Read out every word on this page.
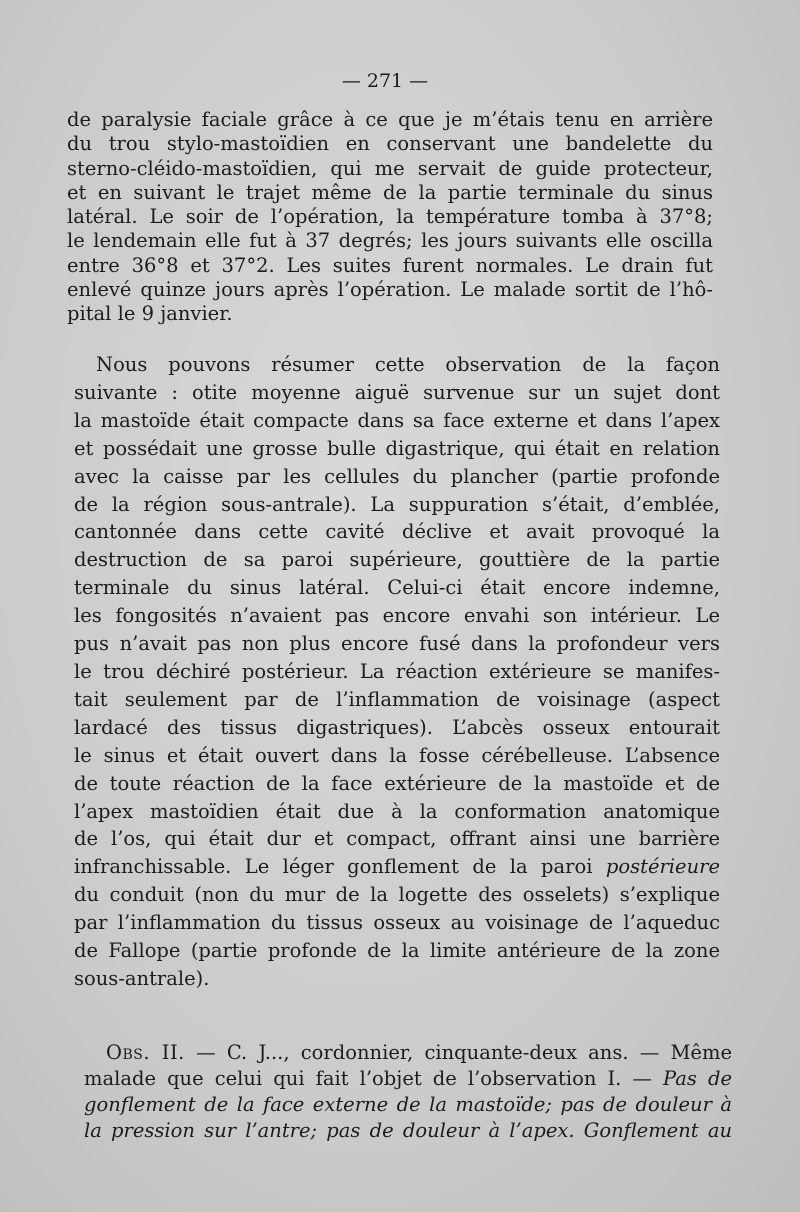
— 271 —
de paralysie faciale grâce à ce que je m’étais tenu en arrière
du trou stylo-mastoïdien en conservant une bandelette du
sterno-cléido-mastoïdien, qui me servait de guide protecteur,
et en suivant le trajet même de la partie terminale du sinus
latéral. Le soir de l’opération, la température tomba à 37°8;
le lendemain elle fut à 37 degrés; les jours suivants elle oscilla
entre 36°8 et 37°2. Les suites furent normales. Le drain fut
enlevé quinze jours après l’opération. Le malade sortit de l’hô-
pital le 9 janvier.
Nous pouvons résumer cette observation de la façon
suivante : otite moyenne aiguë survenue sur un sujet dont
la mastoïde était compacte dans sa face externe et dans l’apex
et possédait une grosse bulle digastrique, qui était en relation
avec la caisse par les cellules du plancher (partie profonde
de la région sous-antrale). La suppuration s’était, d’emblée,
cantonnée dans cette cavité déclive et avait provoqué la
destruction de sa paroi supérieure, gouttière de la partie
terminale du sinus latéral. Celui-ci était encore indemne,
les fongosités n’avaient pas encore envahi son intérieur. Le
pus n’avait pas non plus encore fusé dans la profondeur vers
le trou déchiré postérieur. La réaction extérieure se manifes-
tait seulement par de l’inflammation de voisinage (aspect
lardacé des tissus digastriques). L’abcès osseux entourait
le sinus et était ouvert dans la fosse cérébelleuse. L’absence
de toute réaction de la face extérieure de la mastoïde et de
l’apex mastoïdien était due à la conformation anatomique
de l’os, qui était dur et compact, offrant ainsi une barrière
infranchissable. Le léger gonflement de la paroi postérieure
du conduit (non du mur de la logette des osselets) s’explique
par l’inflammation du tissus osseux au voisinage de l’aqueduc
de Fallope (partie profonde de la limite antérieure de la zone
sous-antrale).
Obs. II. — C. J..., cordonnier, cinquante-deux ans. — Même
malade que celui qui fait l’objet de l’observation I. — Pas de
gonflement de la face externe de la mastoïde; pas de douleur à
la pression sur l’antre; pas de douleur à l’apex. Gonflement au
